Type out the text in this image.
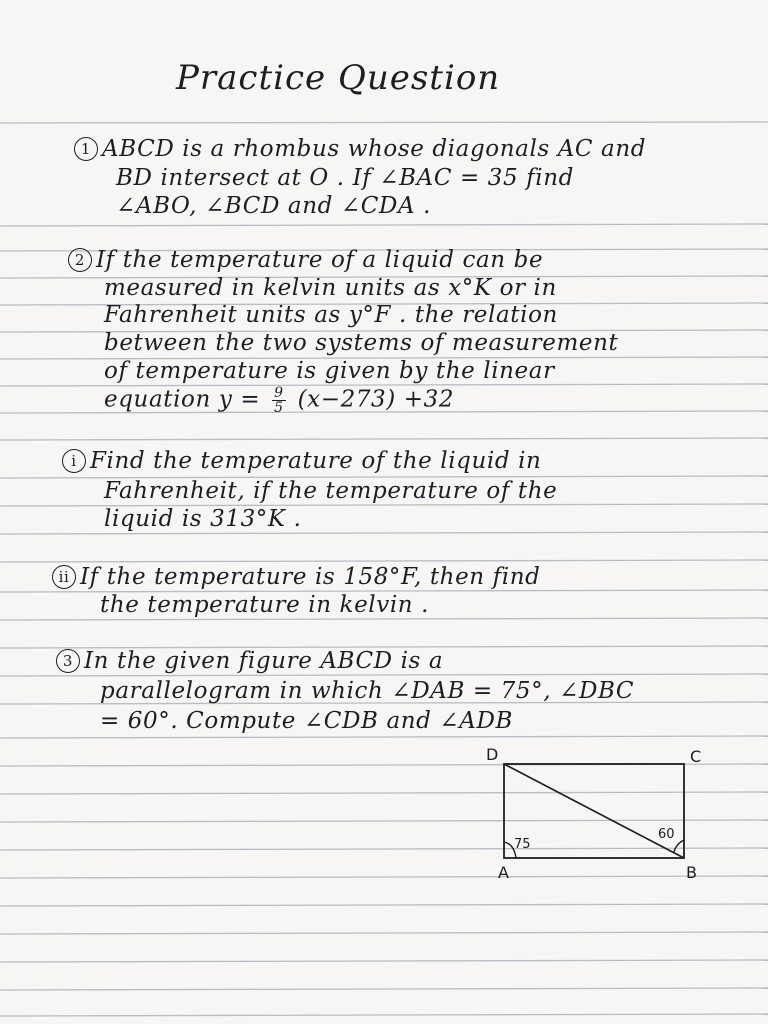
Practice Question
1 ABCD is a rhombus whose diagonals AC and
BD intersect at O . If ∠BAC = 35 find
∠ABO, ∠BCD and ∠CDA .
2 If the temperature of a liquid can be
measured in kelvin units as x°K or in
Fahrenheit units as y°F . the relation
between the two systems of measurement
of temperature is given by the linear
equation $y = \frac{9}{5} (x-273) +32$
i Find the temperature of the liquid in
Fahrenheit, if the temperature of the
liquid is 313°K .
ii If the temperature is 158°F, then find
the temperature in kelvin .
3 In the given figure ABCD is a
parallelogram in which ∠DAB = 75°, ∠DBC
= 60°. Compute ∠CDB and ∠ADB
D	C
A	B
75
60
